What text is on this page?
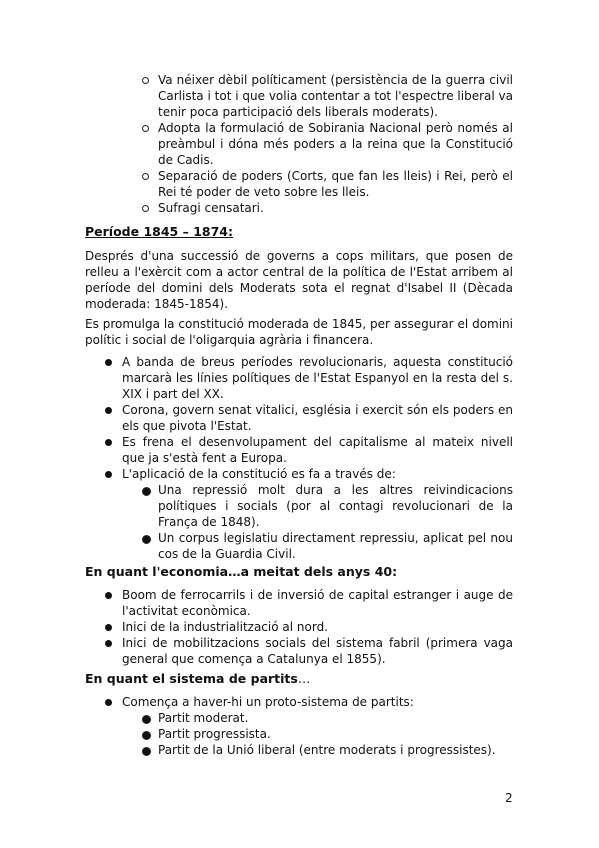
Va néixer dèbil políticament (persistència de la guerra civil Carlista i tot i que volia contentar a tot l'espectre liberal va tenir poca participació dels liberals moderats).
Adopta la formulació de Sobirania Nacional però només al preàmbul i dóna més poders a la reina que la Constitució de Cadis.
Separació de poders (Corts, que fan les lleis) i Rei, però el Rei té poder de veto sobre les lleis.
Sufragi censatari.

Període 1845 – 1874:

Després d'una successió de governs a cops militars, que posen de relleu a l'exèrcit com a actor central de la política de l'Estat arribem al període del domini dels Moderats sota el regnat d'Isabel II (Dècada moderada: 1845-1854).

Es promulga la constitució moderada de 1845, per assegurar el domini polític i social de l'oligarquia agrària i financera.

A banda de breus períodes revolucionaris, aquesta constitució marcarà les línies polítiques de l'Estat Espanyol en la resta del s. XIX i part del XX.
Corona, govern senat vitalici, església i exercit són els poders en els que pivota l'Estat.
Es frena el desenvolupament del capitalisme al mateix nivell que ja s'està fent a Europa.
L'aplicació de la constitució es fa a través de:
Una repressió molt dura a les altres reivindicacions polítiques i socials (por al contagi revolucionari de la França de 1848).
Un corpus legislatiu directament repressiu, aplicat pel nou cos de la Guardia Civil.

En quant l'economia…a meitat dels anys 40:

Boom de ferrocarrils i de inversió de capital estranger i auge de l'activitat econòmica.
Inici de la industrialització al nord.
Inici de mobilitzacions socials del sistema fabril (primera vaga general que comença a Catalunya el 1855).

En quant el sistema de partits…

Comença a haver-hi un proto-sistema de partits:
Partit moderat.
Partit progressista.
Partit de la Unió liberal (entre moderats i progressistes).
2
